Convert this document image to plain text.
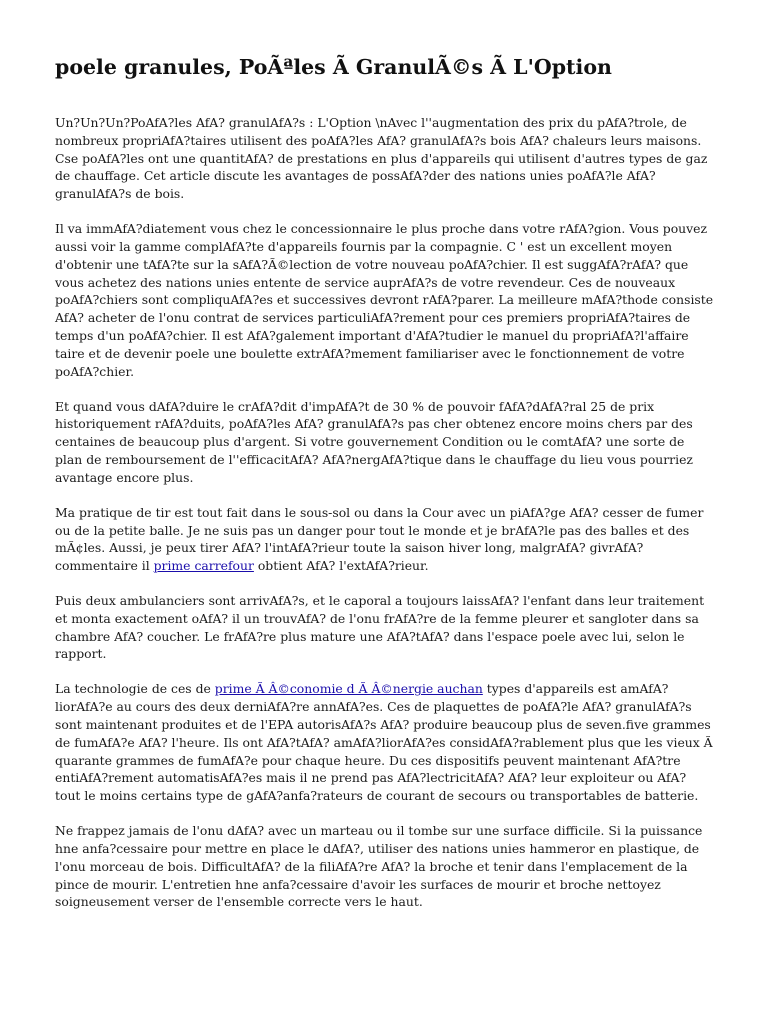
poele granules, PoÃªles Ã GranulÃ©s Ã L'Option

Un?Un?Un?PoAfA?les AfA? granulAfA?s : L'Option \nAvec l''augmentation des prix du pAfA?trole, de nombreux propriAfA?taires utilisent des poAfA?les AfA? granulAfA?s bois AfA? chaleurs leurs maisons. Cse poAfA?les ont une quantitAfA? de prestations en plus d'appareils qui utilisent d'autres types de gaz de chauffage. Cet article discute les avantages de possAfA?der des nations unies poAfA?le AfA? granulAfA?s de bois.

Il va immAfA?diatement vous chez le concessionnaire le plus proche dans votre rAfA?gion. Vous pouvez aussi voir la gamme complAfA?te d'appareils fournis par la compagnie. C ' est un excellent moyen d'obtenir une tAfA?te sur la sAfA?Ã©lection de votre nouveau poAfA?chier. Il est suggAfA?rAfA? que vous achetez des nations unies entente de service auprAfA?s de votre revendeur. Ces de nouveaux poAfA?chiers sont compliquAfA?es et successives devront rAfA?parer. La meilleure mAfA?thode consiste AfA? acheter de l'onu contrat de services particuliAfA?rement pour ces premiers propriAfA?taires de temps d'un poAfA?chier. Il est AfA?galement important d'AfA?tudier le manuel du propriAfA?l'affaire taire et de devenir poele une boulette extrAfA?mement familiariser avec le fonctionnement de votre poAfA?chier.

Et quand vous dAfA?duire le crAfA?dit d'impAfA?t de 30 % de pouvoir fAfA?dAfA?ral 25 de prix historiquement rAfA?duits, poAfA?les AfA? granulAfA?s pas cher obtenez encore moins chers par des centaines de beaucoup plus d'argent. Si votre gouvernement Condition ou le comtAfA? une sorte de plan de remboursement de l''efficacitAfA? AfA?nergAfA?tique dans le chauffage du lieu vous pourriez avantage encore plus.

Ma pratique de tir est tout fait dans le sous-sol ou dans la Cour avec un piAfA?ge AfA? cesser de fumer ou de la petite balle. Je ne suis pas un danger pour tout le monde et je brAfA?le pas des balles et des mÃ¢les. Aussi, je peux tirer AfA? l'intAfA?rieur toute la saison hiver long, malgrAfA? givrAfA? commentaire il prime carrefour obtient AfA? l'extAfA?rieur.

Puis deux ambulanciers sont arrivAfA?s, et le caporal a toujours laissAfA? l'enfant dans leur traitement et monta exactement oAfA? il un trouvAfA? de l'onu frAfA?re de la femme pleurer et sangloter dans sa chambre AfA? coucher. Le frAfA?re plus mature une AfA?tAfA? dans l'espace poele avec lui, selon le rapport.

La technologie de ces de prime Ã Â©conomie d Ã Â©nergie auchan types d'appareils est amAfA?liorAfA?e au cours des deux derniAfA?re annAfA?es. Ces de plaquettes de poAfA?le AfA? granulAfA?s sont maintenant produites et de l'EPA autorisAfA?s AfA? produire beaucoup plus de seven.five grammes de fumAfA?e AfA? l'heure. Ils ont AfA?tAfA? amAfA?liorAfA?es considAfA?rablement plus que les vieux Ã quarante grammes de fumAfA?e pour chaque heure. Du ces dispositifs peuvent maintenant AfA?tre entiAfA?rement automatisAfA?es mais il ne prend pas AfA?lectricitAfA? AfA? leur exploiteur ou AfA? tout le moins certains type de gAfA?anfa?rateurs de courant de secours ou transportables de batterie.

Ne frappez jamais de l'onu dAfA? avec un marteau ou il tombe sur une surface difficile. Si la puissance hne anfa?cessaire pour mettre en place le dAfA?, utiliser des nations unies hammeror en plastique, de l'onu morceau de bois. DifficultAfA? de la filiAfA?re AfA? la broche et tenir dans l'emplacement de la pince de mourir. L'entretien hne anfa?cessaire d'avoir les surfaces de mourir et broche nettoyez soigneusement verser de l'ensemble correcte vers le haut.
